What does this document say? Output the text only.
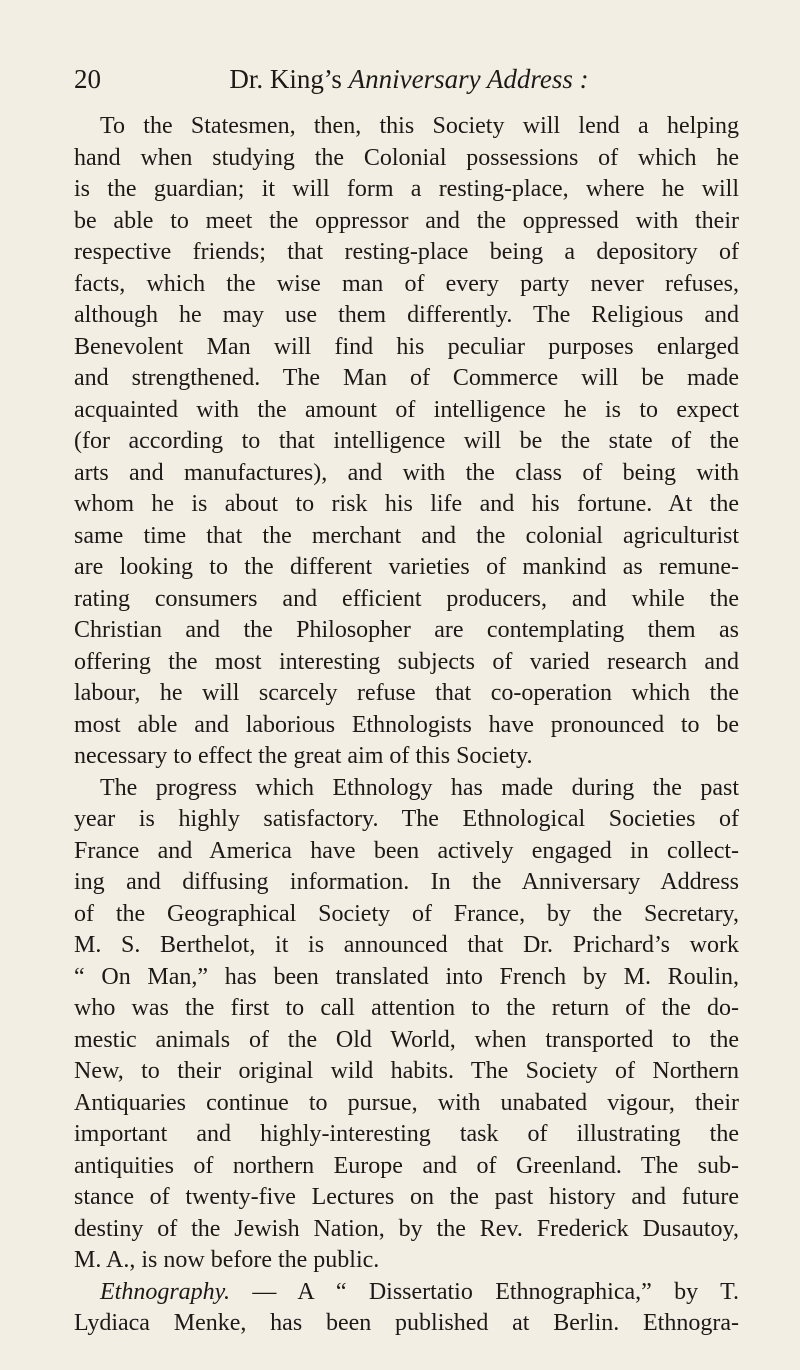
20	Dr. King’s Anniversary Address :
To the Statesmen, then, this Society will lend a helping
hand when studying the Colonial possessions of which he
is the guardian; it will form a resting-place, where he will
be able to meet the oppressor and the oppressed with their
respective friends; that resting-place being a depository of
facts, which the wise man of every party never refuses,
although he may use them differently. The Religious and
Benevolent Man will find his peculiar purposes enlarged
and strengthened. The Man of Commerce will be made
acquainted with the amount of intelligence he is to expect
(for according to that intelligence will be the state of the
arts and manufactures), and with the class of being with
whom he is about to risk his life and his fortune. At the
same time that the merchant and the colonial agriculturist
are looking to the different varieties of mankind as remune-
rating consumers and efficient producers, and while the
Christian and the Philosopher are contemplating them as
offering the most interesting subjects of varied research and
labour, he will scarcely refuse that co-operation which the
most able and laborious Ethnologists have pronounced to be
necessary to effect the great aim of this Society.
The progress which Ethnology has made during the past
year is highly satisfactory. The Ethnological Societies of
France and America have been actively engaged in collect-
ing and diffusing information. In the Anniversary Address
of the Geographical Society of France, by the Secretary,
M. S. Berthelot, it is announced that Dr. Prichard’s work
“ On Man,” has been translated into French by M. Roulin,
who was the first to call attention to the return of the do-
mestic animals of the Old World, when transported to the
New, to their original wild habits. The Society of Northern
Antiquaries continue to pursue, with unabated vigour, their
important and highly-interesting task of illustrating the
antiquities of northern Europe and of Greenland. The sub-
stance of twenty-five Lectures on the past history and future
destiny of the Jewish Nation, by the Rev. Frederick Dusautoy,
M. A., is now before the public.
Ethnography. — A “ Dissertatio Ethnographica,” by T.
Lydiaca Menke, has been published at Berlin. Ethnogra-
